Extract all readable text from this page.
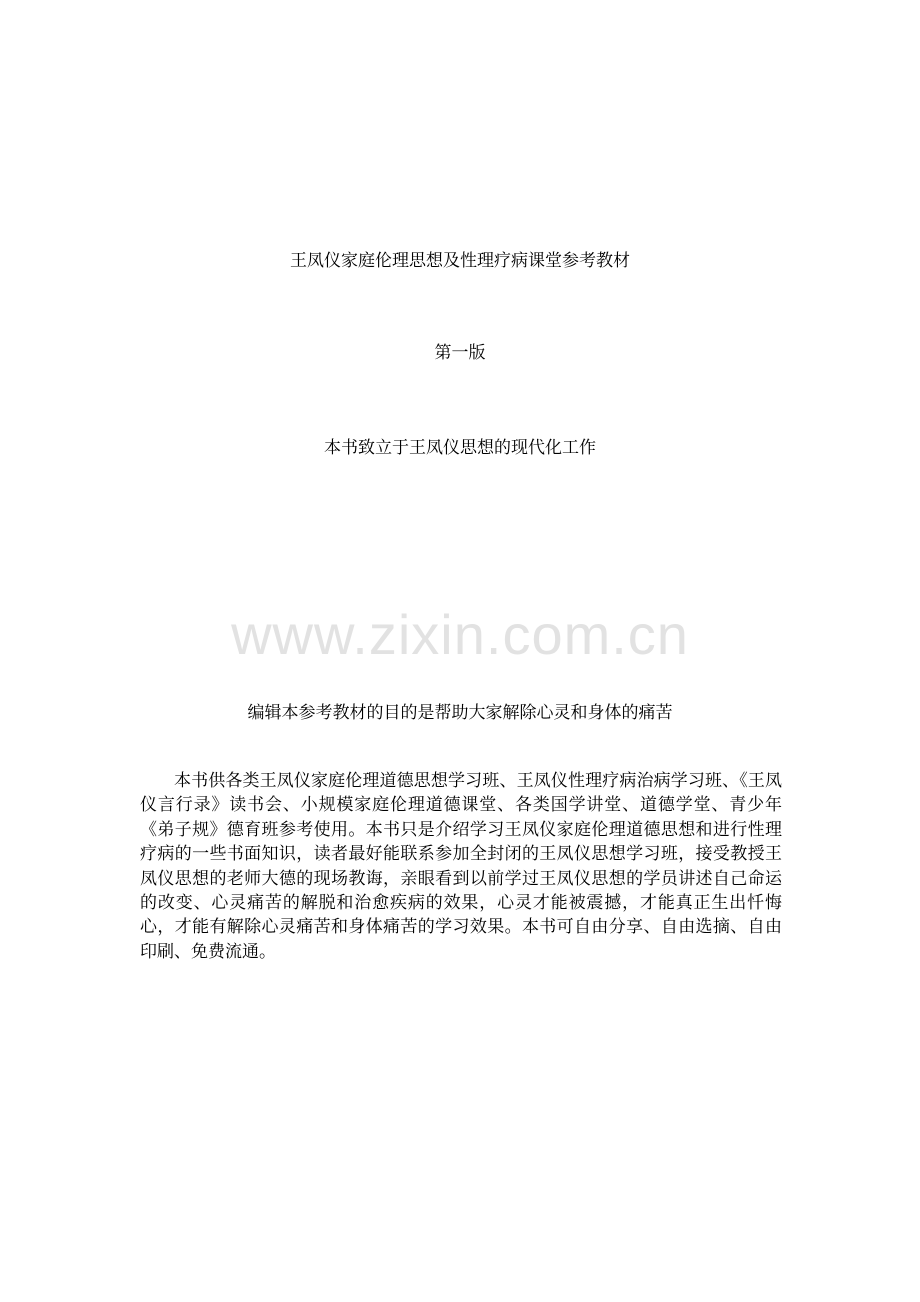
王凤仪家庭伦理思想及性理疗病课堂参考教材
第一版
本书致立于王凤仪思想的现代化工作
www.zixin.com.cn
编辑本参考教材的目的是帮助大家解除心灵和身体的痛苦

本书供各类王凤仪家庭伦理道德思想学习班、王凤仪性理疗病治病学习班、《王凤仪言行录》读书会、小规模家庭伦理道德课堂、各类国学讲堂、道德学堂、青少年《弟子规》德育班参考使用。本书只是介绍学习王凤仪家庭伦理道德思想和进行性理疗病的一些书面知识，读者最好能联系参加全封闭的王凤仪思想学习班，接受教授王凤仪思想的老师大德的现场教诲，亲眼看到以前学过王凤仪思想的学员讲述自己命运的改变、心灵痛苦的解脱和治愈疾病的效果，心灵才能被震撼，才能真正生出忏悔心，才能有解除心灵痛苦和身体痛苦的学习效果。本书可自由分享、自由选摘、自由印刷、免费流通。
